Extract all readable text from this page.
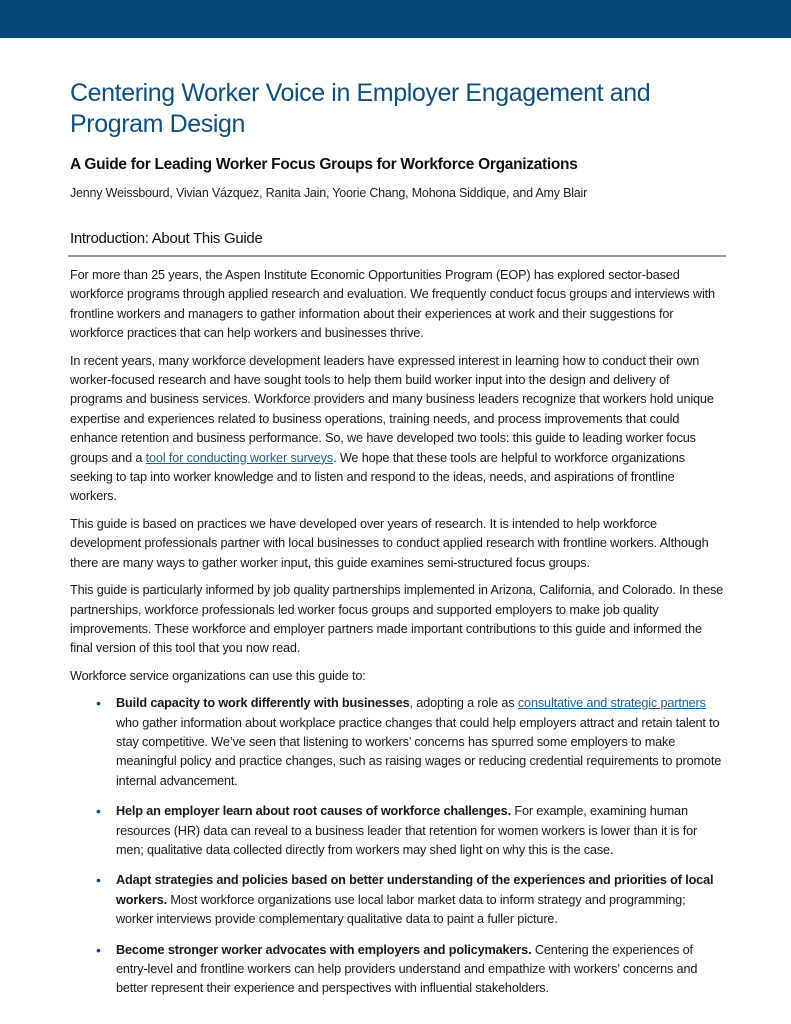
Centering Worker Voice in Employer Engagement and Program Design
A Guide for Leading Worker Focus Groups for Workforce Organizations
Jenny Weissbourd, Vivian Vázquez, Ranita Jain, Yoorie Chang, Mohona Siddique, and Amy Blair
Introduction: About This Guide

For more than 25 years, the Aspen Institute Economic Opportunities Program (EOP) has explored sector-based workforce programs through applied research and evaluation. We frequently conduct focus groups and interviews with frontline workers and managers to gather information about their experiences at work and their suggestions for workforce practices that can help workers and businesses thrive.

In recent years, many workforce development leaders have expressed interest in learning how to conduct their own worker-focused research and have sought tools to help them build worker input into the design and delivery of programs and business services. Workforce providers and many business leaders recognize that workers hold unique expertise and experiences related to business operations, training needs, and process improvements that could enhance retention and business performance. So, we have developed two tools: this guide to leading worker focus groups and a tool for conducting worker surveys. We hope that these tools are helpful to workforce organizations seeking to tap into worker knowledge and to listen and respond to the ideas, needs, and aspirations of frontline workers.

This guide is based on practices we have developed over years of research. It is intended to help workforce development professionals partner with local businesses to conduct applied research with frontline workers. Although there are many ways to gather worker input, this guide examines semi-structured focus groups.

This guide is particularly informed by job quality partnerships implemented in Arizona, California, and Colorado. In these partnerships, workforce professionals led worker focus groups and supported employers to make job quality improvements. These workforce and employer partners made important contributions to this guide and informed the final version of this tool that you now read.

Workforce service organizations can use this guide to:

• Build capacity to work differently with businesses, adopting a role as consultative and strategic partners who gather information about workplace practice changes that could help employers attract and retain talent to stay competitive. We’ve seen that listening to workers’ concerns has spurred some employers to make meaningful policy and practice changes, such as raising wages or reducing credential requirements to promote internal advancement.
• Help an employer learn about root causes of workforce challenges. For example, examining human resources (HR) data can reveal to a business leader that retention for women workers is lower than it is for men; qualitative data collected directly from workers may shed light on why this is the case.
• Adapt strategies and policies based on better understanding of the experiences and priorities of local workers. Most workforce organizations use local labor market data to inform strategy and programming; worker interviews provide complementary qualitative data to paint a fuller picture.
• Become stronger worker advocates with employers and policymakers. Centering the experiences of entry-level and frontline workers can help providers understand and empathize with workers’ concerns and better represent their experience and perspectives with influential stakeholders.
